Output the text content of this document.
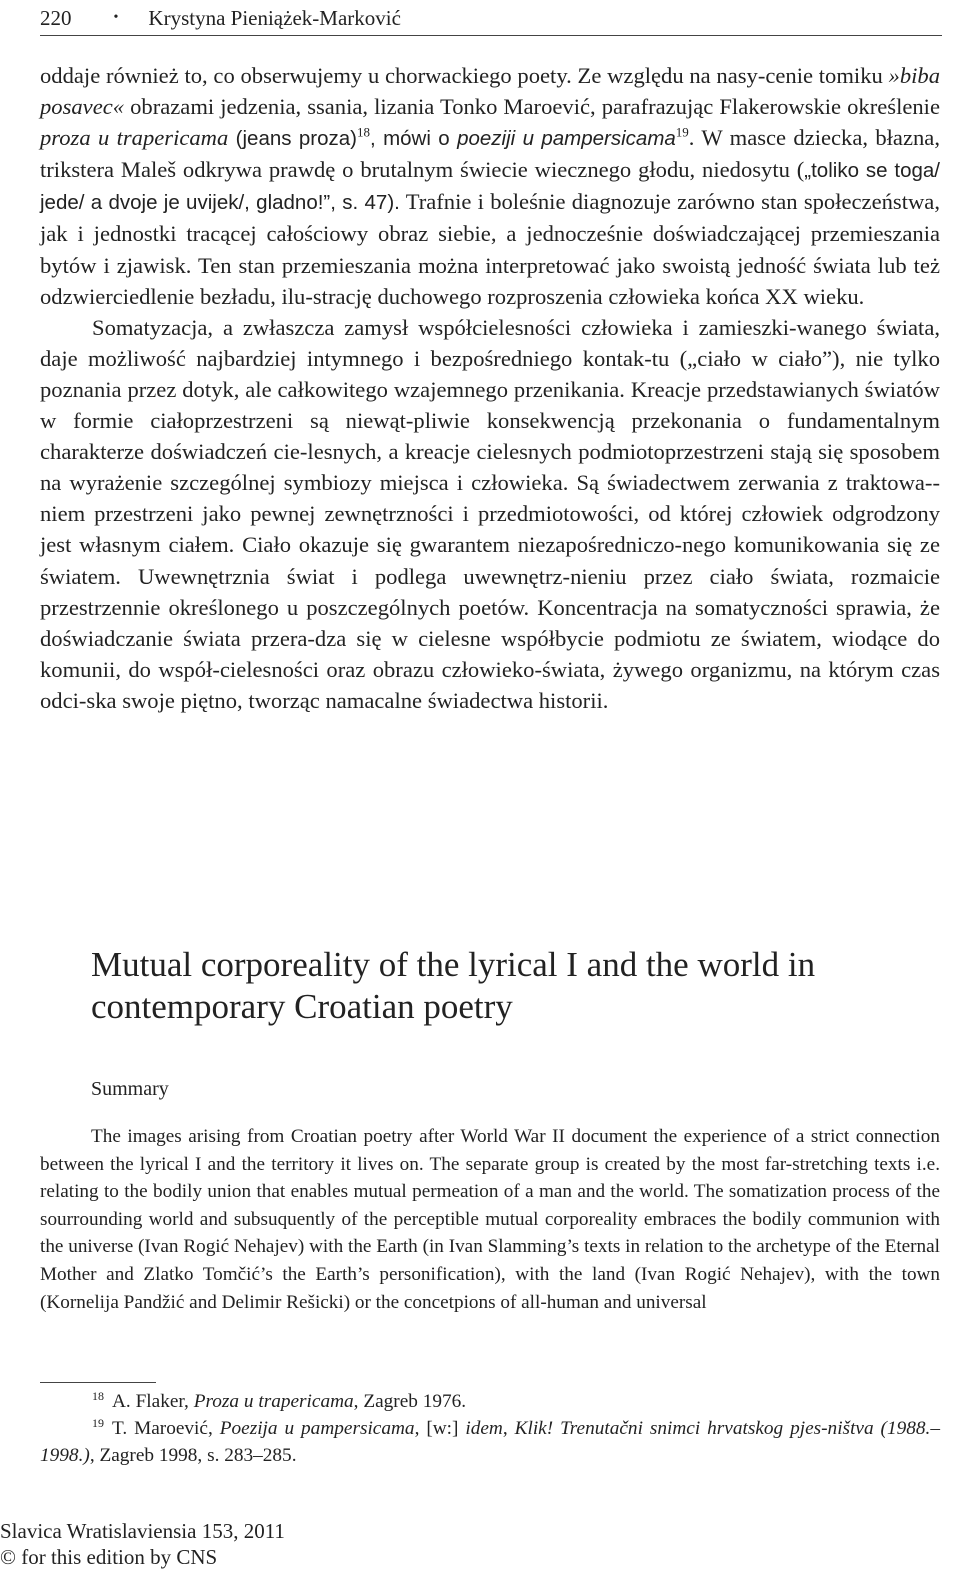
220	• Krystyna Pieniążek-Marković

oddaje również to, co obserwujemy u chorwackiego poety. Ze względu na nasy-cenie tomiku »biba posavec« obrazami jedzenia, ssania, lizania Tonko Maroević, parafrazując Flakerowskie określenie proza u trapericama (jeans proza)$^{18}$, mówi o poeziji u pampersicama$^{19}$. W masce dziecka, błazna, trikstera Maleš odkrywa prawdę o brutalnym świecie wiecznego głodu, niedosytu („toliko se toga/ jede/ a dvoje je uvijek/, gladno!”, s. 47). Trafnie i boleśnie diagnozuje zarówno stan społeczeństwa, jak i jednostki tracącej całościowy obraz siebie, a jednocześnie doświadczającej przemieszania bytów i zjawisk. Ten stan przemieszania można interpretować jako swoistą jedność świata lub też odzwierciedlenie bezładu, ilu-strację duchowego rozproszenia człowieka końca XX wieku.

Somatyzacja, a zwłaszcza zamysł współcielesności człowieka i zamieszki-wanego świata, daje możliwość najbardziej intymnego i bezpośredniego kontak-tu („ciało w ciało”), nie tylko poznania przez dotyk, ale całkowitego wzajemnego przenikania. Kreacje przedstawianych światów w formie ciałoprzestrzeni są niewąt-pliwie konsekwencją przekonania o fundamentalnym charakterze doświadczeń cie-lesnych, a kreacje cielesnych podmiotoprzestrzeni stają się sposobem na wyrażenie szczególnej symbiozy miejsca i człowieka. Są świadectwem zerwania z traktowa-niem przestrzeni jako pewnej zewnętrzności i przedmiotowości, od której człowiek odgrodzony jest własnym ciałem. Ciało okazuje się gwarantem niezapośredniczo-nego komunikowania się ze światem. Uwewnętrznia świat i podlega uwewnętrz-nieniu przez ciało świata, rozmaicie przestrzennie określonego u poszczególnych poetów. Koncentracja na somatyczności sprawia, że doświadczanie świata przera-dza się w cielesne współbycie podmiotu ze światem, wiodące do komunii, do współ-cielesności oraz obrazu człowieko-świata, żywego organizmu, na którym czas odci-ska swoje piętno, tworząc namacalne świadectwa historii.

Mutual corporeality of the lyrical I and the world in contemporary Croatian poetry
Summary

The images arising from Croatian poetry after World War II document the experience of a strict connection between the lyrical I and the territory it lives on. The separate group is created by the most far-stretching texts i.e. relating to the bodily union that enables mutual permeation of a man and the world. The somatization process of the sourrounding world and subsuquently of the perceptible mutual corporeality embraces the bodily communion with the universe (Ivan Rogić Nehajev) with the Earth (in Ivan Slamming’s texts in relation to the archetype of the Eternal Mother and Zlatko Tomčić’s the Earth’s personification), with the land (Ivan Rogić Nehajev), with the town (Kornelija Pandžić and Delimir Rešicki) or the concetpions of all-human and universal

$^{18}$ A. Flaker, Proza u trapericama, Zagreb 1976.

$^{19}$ T. Maroević, Poezija u pampersicama, [w:] idem, Klik! Trenutačni snimci hrvatskog pjes-ništva (1988.–1998.), Zagreb 1998, s. 283–285.

Slavica Wratislaviensia 153, 2011
© for this edition by CNS
